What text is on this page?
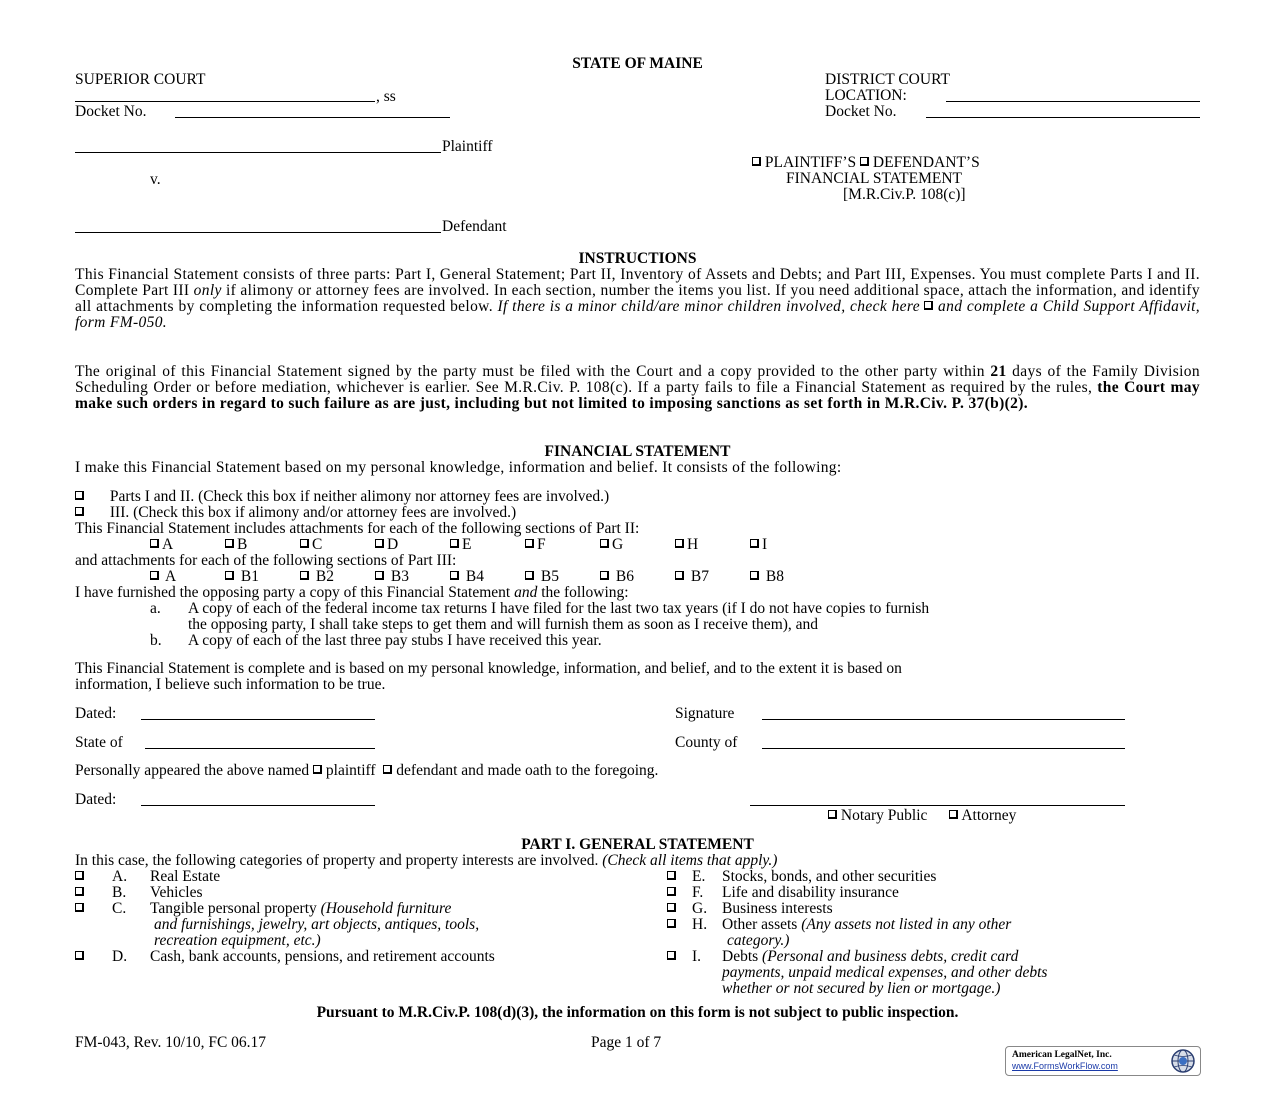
STATE OF MAINE
SUPERIOR COURT
, ss
Docket No.
DISTRICT COURT
LOCATION:
Docket No.
Plaintiff
v.
Defendant
PLAINTIFF’S DEFENDANT’S
FINANCIAL STATEMENT
[M.R.Civ.P. 108(c)]
INSTRUCTIONS
This Financial Statement consists of three parts: Part I, General Statement; Part II, Inventory of Assets and Debts; and Part III, Expenses. You must complete Parts I and II. Complete Part III only if alimony or attorney fees are involved. In each section, number the items you list. If you need additional space, attach the information, and identify all attachments by completing the information requested below. If there is a minor child/are minor children involved, check here  and complete a Child Support Affidavit, form FM-050.
The original of this Financial Statement signed by the party must be filed with the Court and a copy provided to the other party within 21 days of the Family Division Scheduling Order or before mediation, whichever is earlier. See M.R.Civ. P. 108(c). If a party fails to file a Financial Statement as required by the rules, the Court may make such orders in regard to such failure as are just, including but not limited to imposing sanctions as set forth in M.R.Civ. P. 37(b)(2).
FINANCIAL STATEMENT
I make this Financial Statement based on my personal knowledge, information and belief. It consists of the following:
Parts I and II. (Check this box if neither alimony nor attorney fees are involved.)
III. (Check this box if alimony and/or attorney fees are involved.)
This Financial Statement includes attachments for each of the following sections of Part II:
A	B	C	D	E	F	G	H	I
and attachments for each of the following sections of Part III:
A	B1	B2	B3	B4	B5	B6	B7	B8
I have furnished the opposing party a copy of this Financial Statement and the following:
a. A copy of each of the federal income tax returns I have filed for the last two tax years (if I do not have copies to furnish
the opposing party, I shall take steps to get them and will furnish them as soon as I receive them), and
b. A copy of each of the last three pay stubs I have received this year.
This Financial Statement is complete and is based on my personal knowledge, information, and belief, and to the extent it is based on
information, I believe such information to be true.
Dated:	Signature
State of	County of
Personally appeared the above named plaintiff defendant and made oath to the foregoing.
Dated:
Notary Public Attorney
PART I. GENERAL STATEMENT
In this case, the following categories of property and property interests are involved. (Check all items that apply.)
A. Real Estate
B. Vehicles
C. Tangible personal property (Household furniture
and furnishings, jewelry, art objects, antiques, tools,
recreation equipment, etc.)
D. Cash, bank accounts, pensions, and retirement accounts
E. Stocks, bonds, and other securities
F. Life and disability insurance
G. Business interests
H. Other assets (Any assets not listed in any other
category.)
I. Debts (Personal and business debts, credit card
payments, unpaid medical expenses, and other debts
whether or not secured by lien or mortgage.)
Pursuant to M.R.Civ.P. 108(d)(3), the information on this form is not subject to public inspection.
FM-043, Rev. 10/10, FC 06.17	Page 1 of 7
American LegalNet, Inc.
www.FormsWorkFlow.com
